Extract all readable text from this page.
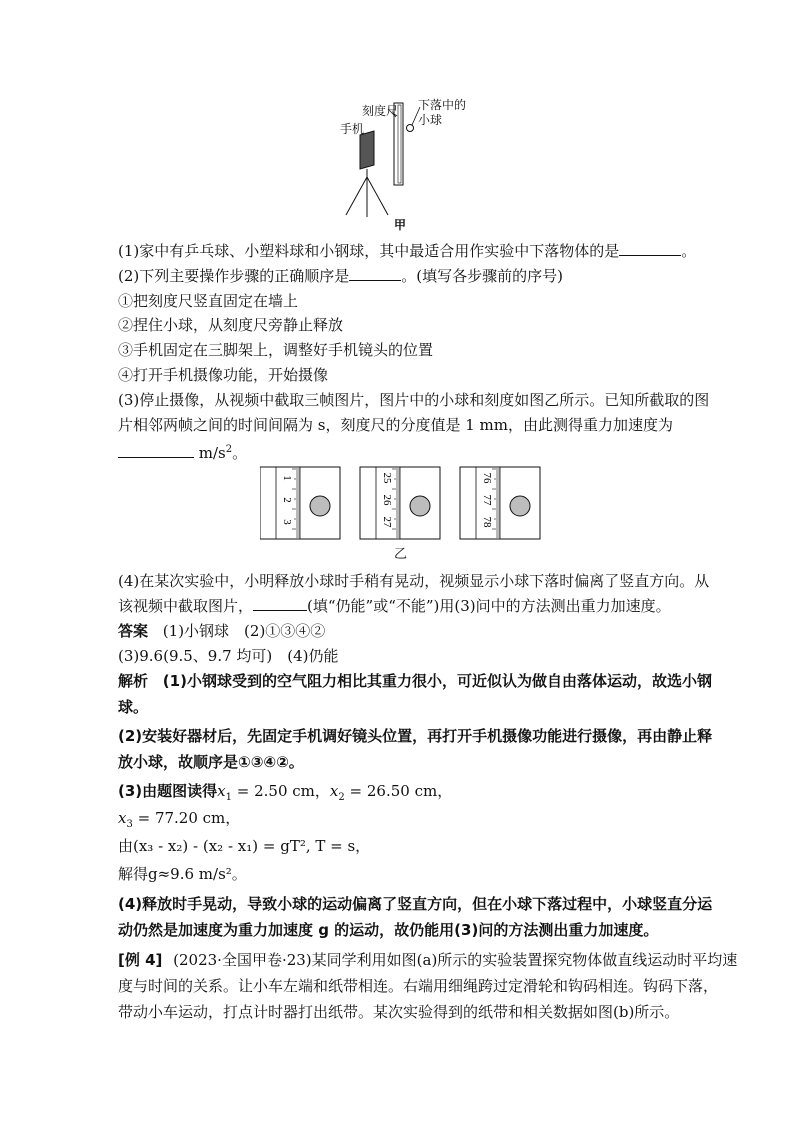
刻度尺 下落中的
小球
手机
甲
(1)家中有乒乓球、小塑料球和小钢球，其中最适合用作实验中下落物体的是	。
(2)下列主要操作步骤的正确顺序是	。(填写各步骤前的序号)
①把刻度尺竖直固定在墙上
②捏住小球，从刻度尺旁静止释放
③手机固定在三脚架上，调整好手机镜头的位置
④打开手机摄像功能，开始摄像
(3)停止摄像，从视频中截取三帧图片，图片中的小球和刻度如图乙所示。已知所截取的图
片相邻两帧之间的时间间隔为 s，刻度尺的分度值是 1 mm，由此测得重力加速度为
$m/s^2$。
1
2
3
25
26
27
76
77
78
乙
(4)在某次实验中，小明释放小球时手稍有晃动，视频显示小球下落时偏离了竖直方向。从
该视频中截取图片，	(填“仍能”或“不能”)用(3)问中的方法测出重力加速度。
答案 (1)小钢球　(2)①③④②
(3)9.6(9.5、9.7 均可)　(4)仍能
解析 (1)小钢球受到的空气阻力相比其重力很小，可近似认为做自由落体运动，故选小钢
球。
(2)安装好器材后，先固定手机调好镜头位置，再打开手机摄像功能进行摄像，再由静止释
放小球，故顺序是①③④②。
(3)由题图读得$x_1 = 2.50$ cm，$x_2 = 26.50$ cm，
$x_3 = 77.20$ cm，
由(x₃ - x₂) - (x₂ - x₁) = gT², T = s，
解得g≈9.6 m/s²。
(4)释放时手晃动，导致小球的运动偏离了竖直方向，但在小球下落过程中，小球竖直分运
动仍然是加速度为重力加速度 g 的运动，故仍能用(3)问的方法测出重力加速度。
[例 4] (2023·全国甲卷·23)某同学利用如图(a)所示的实验装置探究物体做直线运动时平均速
度与时间的关系。让小车左端和纸带相连。右端用细绳跨过定滑轮和钩码相连。钩码下落，
带动小车运动，打点计时器打出纸带。某次实验得到的纸带和相关数据如图(b)所示。
